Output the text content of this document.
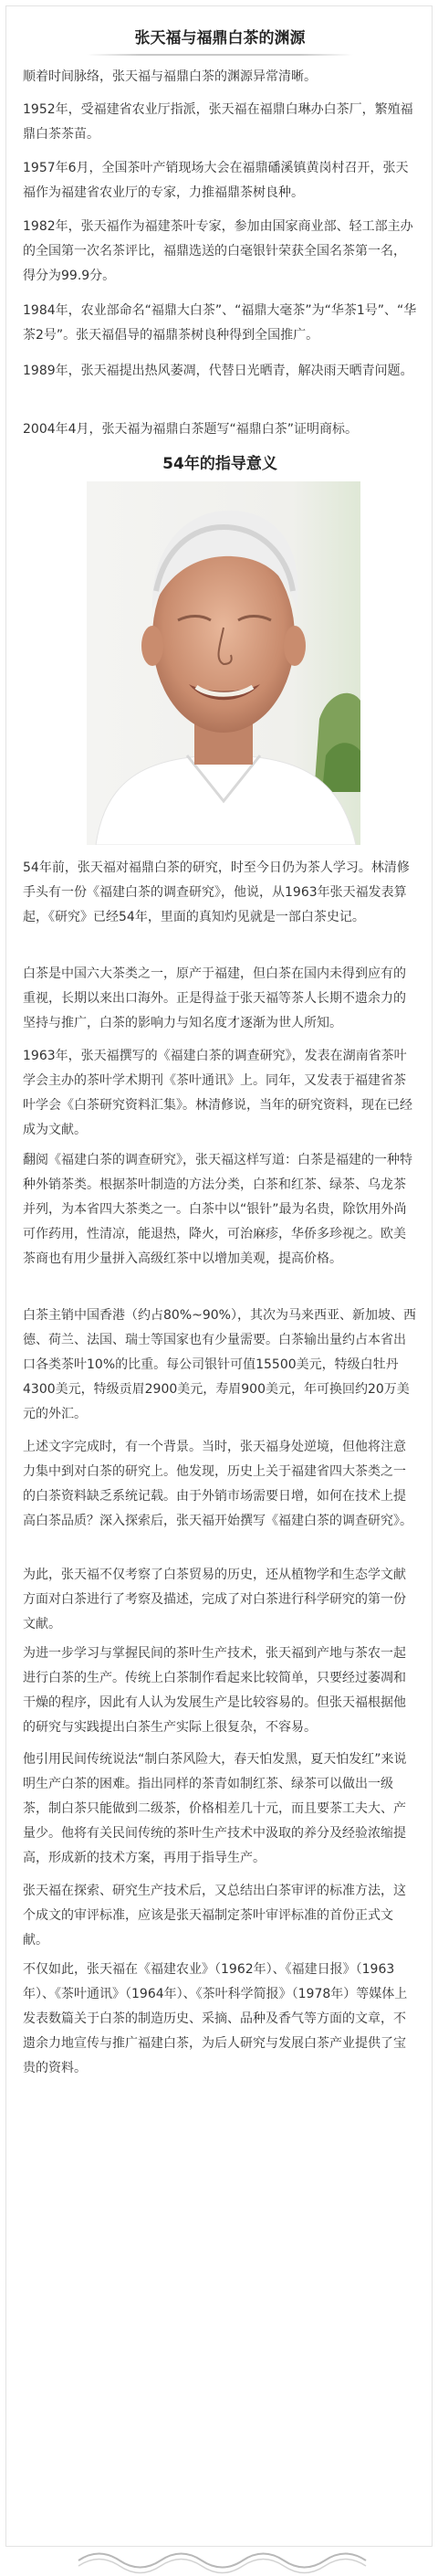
张天福与福鼎白茶的渊源
顺着时间脉络，张天福与福鼎白茶的渊源异常清晰。
1952年，受福建省农业厅指派，张天福在福鼎白琳办白茶厂，繁殖福鼎白茶茶苗。
1957年6月，全国茶叶产销现场大会在福鼎磻溪镇黄岗村召开，张天福作为福建省农业厅的专家，力推福鼎茶树良种。
1982年，张天福作为福建茶叶专家，参加由国家商业部、轻工部主办的全国第一次名茶评比，福鼎选送的白毫银针荣获全国名茶第一名，得分为99.9分。
1984年，农业部命名“福鼎大白茶”、“福鼎大毫茶”为“华茶1号”、“华茶2号”。张天福倡导的福鼎茶树良种得到全国推广。
1989年，张天福提出热风萎凋，代替日光晒青，解决雨天晒青问题。
2004年4月，张天福为福鼎白茶题写“福鼎白茶”证明商标。
54年的指导意义
54年前，张天福对福鼎白茶的研究，时至今日仍为茶人学习。林清修手头有一份《福建白茶的调查研究》，他说，从1963年张天福发表算起，《研究》已经54年，里面的真知灼见就是一部白茶史记。
白茶是中国六大茶类之一，原产于福建，但白茶在国内未得到应有的重视，长期以来出口海外。正是得益于张天福等茶人长期不遗余力的坚持与推广，白茶的影响力与知名度才逐渐为世人所知。
1963年，张天福撰写的《福建白茶的调查研究》，发表在湖南省茶叶学会主办的茶叶学术期刊《茶叶通讯》上。同年，又发表于福建省茶叶学会《白茶研究资料汇集》。林清修说，当年的研究资料，现在已经成为文献。
翻阅《福建白茶的调查研究》，张天福这样写道：白茶是福建的一种特种外销茶类。根据茶叶制造的方法分类，白茶和红茶、绿茶、乌龙茶并列，为本省四大茶类之一。白茶中以“银针”最为名贵，除饮用外尚可作药用，性清凉，能退热，降火，可治麻疹，华侨多珍视之。欧美茶商也有用少量拼入高级红茶中以增加美观，提高价格。
白茶主销中国香港（约占80%~90%），其次为马来西亚、新加坡、西德、荷兰、法国、瑞士等国家也有少量需要。白茶输出量约占本省出口各类茶叶10%的比重。每公司银针可值15500美元，特级白牡丹4300美元，特级贡眉2900美元，寿眉900美元，年可换回约20万美元的外汇。
上述文字完成时，有一个背景。当时，张天福身处逆境，但他将注意力集中到对白茶的研究上。他发现，历史上关于福建省四大茶类之一的白茶资料缺乏系统记载。由于外销市场需要日增，如何在技术上提高白茶品质？深入探索后，张天福开始撰写《福建白茶的调查研究》。
为此，张天福不仅考察了白茶贸易的历史，还从植物学和生态学文献方面对白茶进行了考察及描述，完成了对白茶进行科学研究的第一份文献。
为进一步学习与掌握民间的茶叶生产技术，张天福到产地与茶农一起进行白茶的生产。传统上白茶制作看起来比较简单，只要经过萎凋和干燥的程序，因此有人认为发展生产是比较容易的。但张天福根据他的研究与实践提出白茶生产实际上很复杂，不容易。
他引用民间传统说法“制白茶风险大，春天怕发黑，夏天怕发红”来说明生产白茶的困难。指出同样的茶青如制红茶、绿茶可以做出一级茶，制白茶只能做到二级茶，价格相差几十元，而且要茶工夫大、产量少。他将有关民间传统的茶叶生产技术中汲取的养分及经验浓缩提高，形成新的技术方案，再用于指导生产。
张天福在探索、研究生产技术后，又总结出白茶审评的标准方法，这个成文的审评标准，应该是张天福制定茶叶审评标准的首份正式文献。
不仅如此，张天福在《福建农业》（1962年）、《福建日报》（1963年）、《茶叶通讯》（1964年）、《茶叶科学简报》（1978年）等媒体上发表数篇关于白茶的制造历史、采摘、品种及香气等方面的文章，不遗余力地宣传与推广福建白茶，为后人研究与发展白茶产业提供了宝贵的资料。
